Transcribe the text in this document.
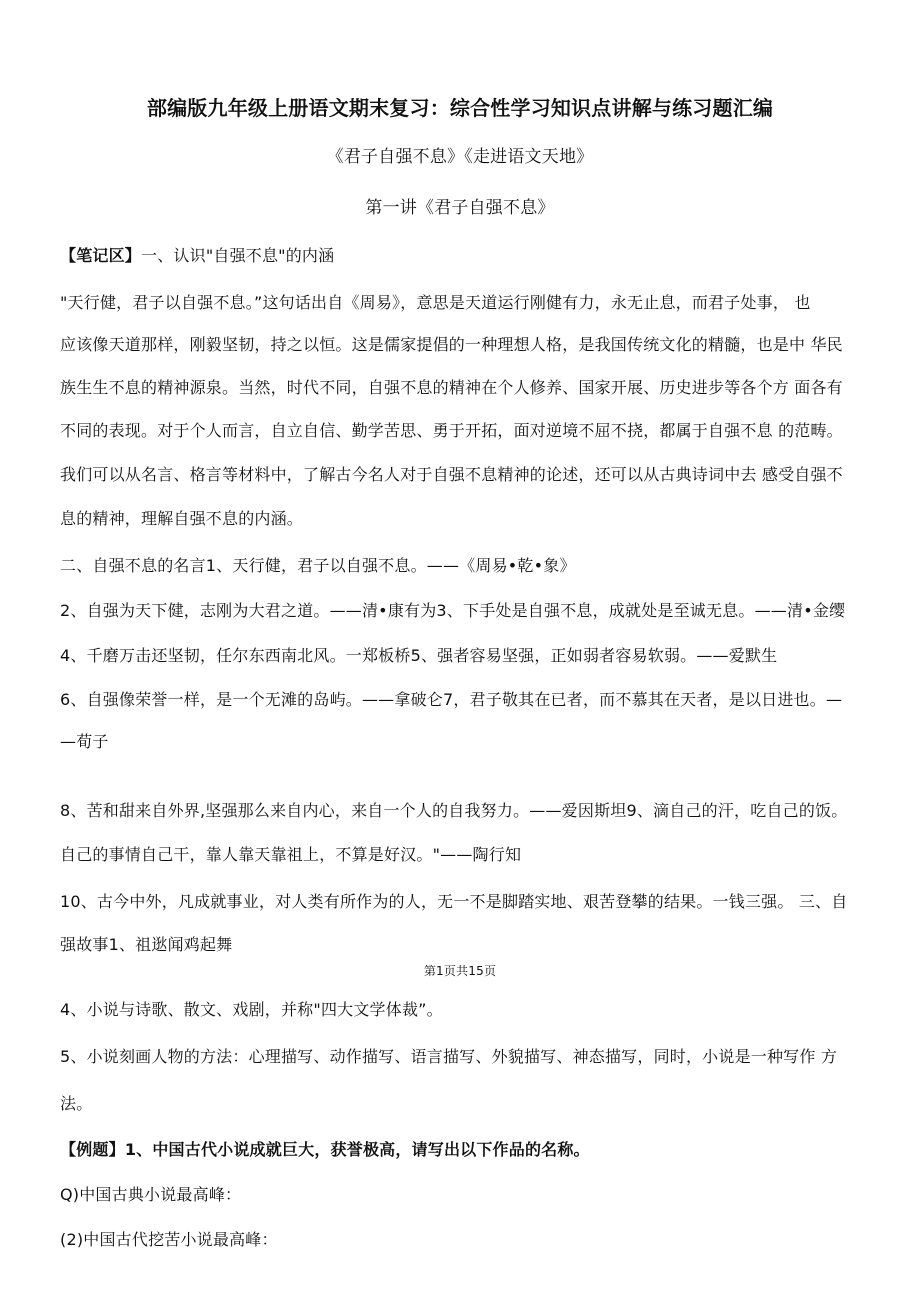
部编版九年级上册语文期末复习：综合性学习知识点讲解与练习题汇编
《君子自强不息》《走进语文天地》
第一讲《君子自强不息》
【笔记区】一、认识"自强不息"的内涵
"天行健，君子以自强不息。”这句话出自《周易》，意思是天道运行刚健有力，永无止息，而君子处事， 也
应该像天道那样，刚毅坚韧，持之以恒。这是儒家提倡的一种理想人格，是我国传统文化的精髓，也是中 华民
族生生不息的精神源泉。当然，时代不同，自强不息的精神在个人修养、国家开展、历史进步等各个方 面各有
不同的表现。对于个人而言，自立自信、勤学苦思、勇于开拓，面对逆境不屈不挠，都属于自强不息 的范畴。
我们可以从名言、格言等材料中，了解古今名人对于自强不息精神的论述，还可以从古典诗词中去 感受自强不
息的精神，理解自强不息的内涵。
二、自强不息的名言1、天行健，君子以自强不息。——《周易•乾•象》
2、自强为天下健，志刚为大君之道。——清•康有为3、下手处是自强不息，成就处是至诚无息。——清•金缨
4、千磨万击还坚韧，任尔东西南北风。一郑板桥5、强者容易坚强，正如弱者容易软弱。——爱默生
6、自强像荣誉一样，是一个无滩的岛屿。——拿破仑7，君子敬其在已者，而不慕其在天者，是以日进也。—
—荀子
8、苦和甜来自外界,坚强那么来自内心，来自一个人的自我努力。——爱因斯坦9、滴自己的汗，吃自己的饭。
自己的事情自己干，靠人靠天靠祖上，不算是好汉。"——陶行知
10、古今中外，凡成就事业，对人类有所作为的人，无一不是脚踏实地、艰苦登攀的结果。一钱三强。 三、自
强故事1、祖逖闻鸡起舞
第1页共15页
4、小说与诗歌、散文、戏剧，并称"四大文学体裁”。
5、小说刻画人物的方法：心理描写、动作描写、语言描写、外貌描写、神态描写，同时，小说是一种写作 方
法。
【例题】1、中国古代小说成就巨大，获誉极高，请写出以下作品的名称。
Q)中国古典小说最高峰：
(2)中国古代挖苦小说最高峰：
